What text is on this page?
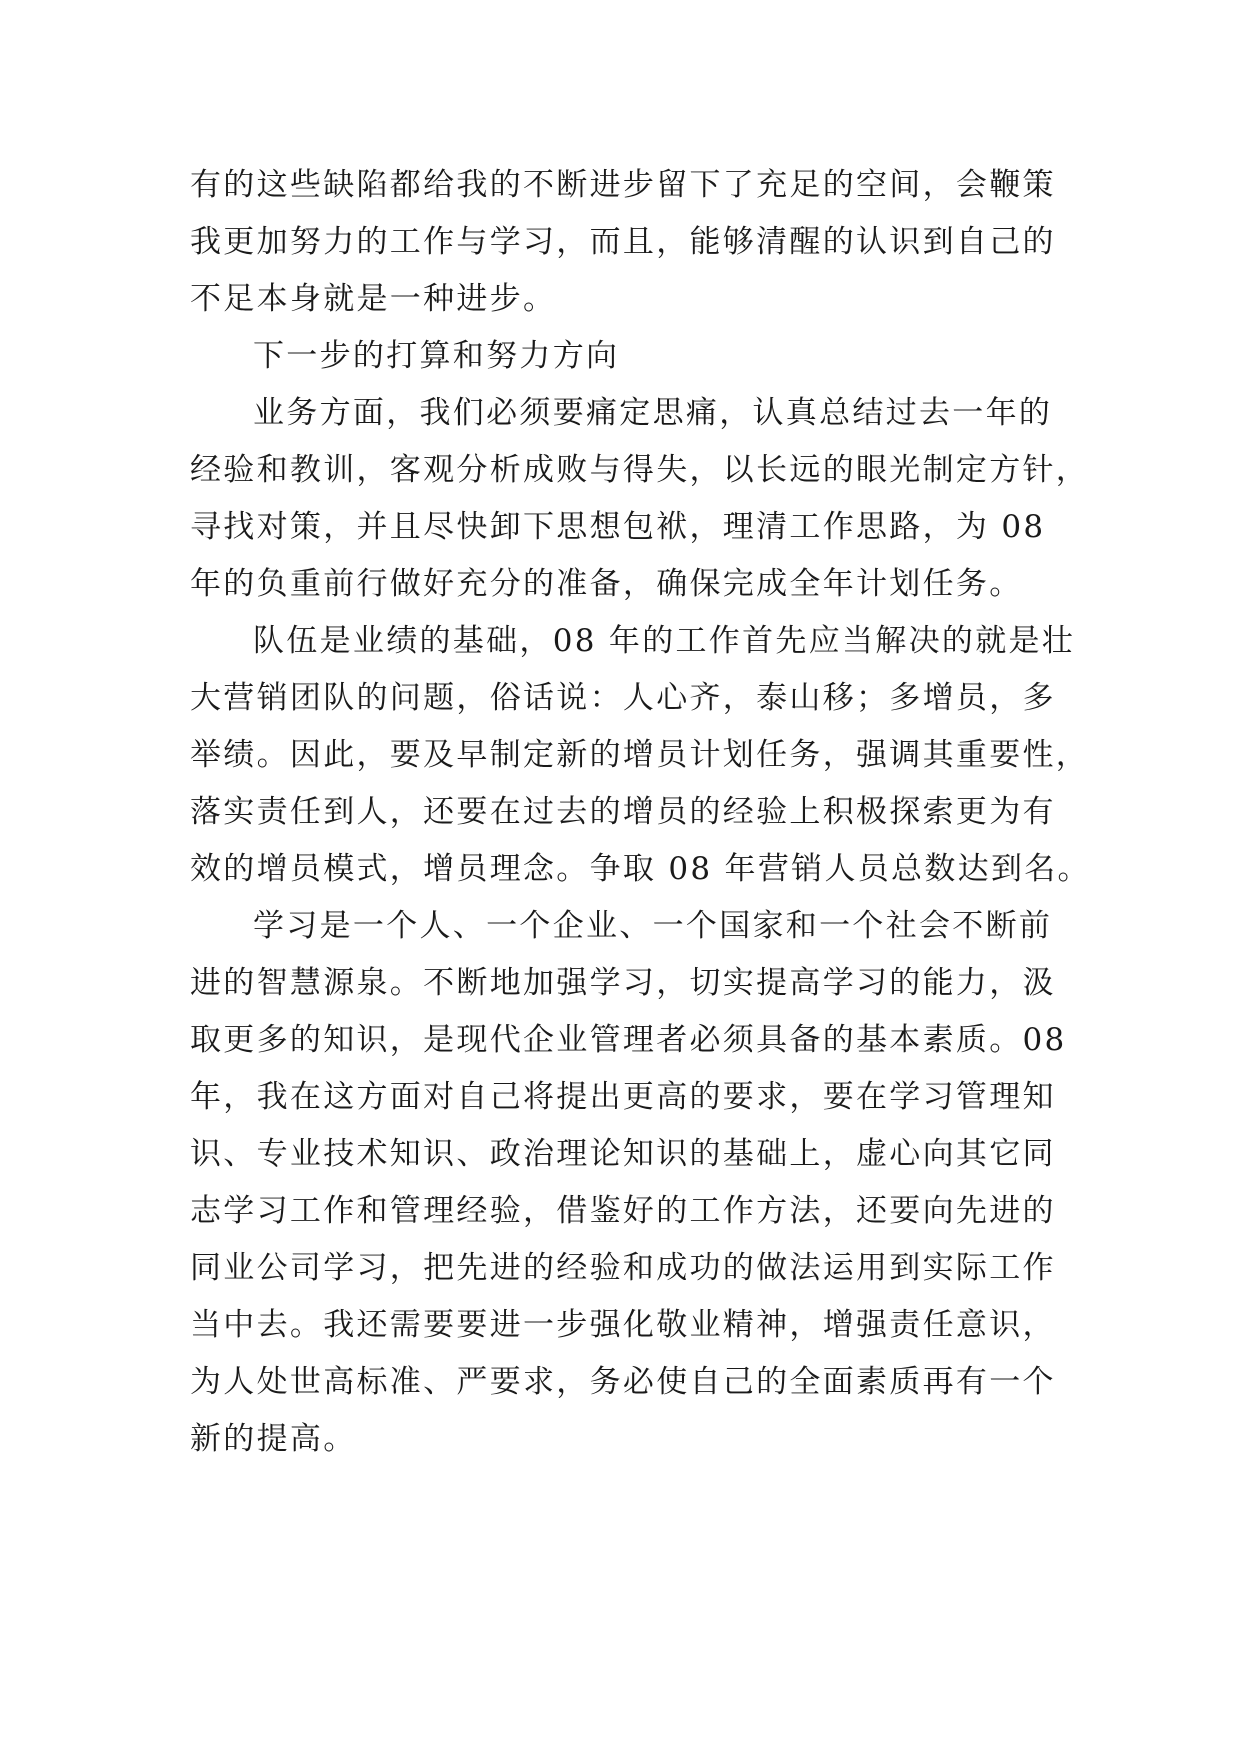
有的这些缺陷都给我的不断进步留下了充足的空间，会鞭策
我更加努力的工作与学习，而且，能够清醒的认识到自己的
不足本身就是一种进步。
下一步的打算和努力方向
业务方面，我们必须要痛定思痛，认真总结过去一年的
经验和教训，客观分析成败与得失，以长远的眼光制定方针，
寻找对策，并且尽快卸下思想包袱，理清工作思路，为 08
年的负重前行做好充分的准备，确保完成全年计划任务。
队伍是业绩的基础，08 年的工作首先应当解决的就是壮
大营销团队的问题，俗话说：人心齐，泰山移；多增员，多
举绩。因此，要及早制定新的增员计划任务，强调其重要性，
落实责任到人，还要在过去的增员的经验上积极探索更为有
效的增员模式，增员理念。争取 08 年营销人员总数达到名。
学习是一个人、一个企业、一个国家和一个社会不断前
进的智慧源泉。不断地加强学习，切实提高学习的能力，汲
取更多的知识，是现代企业管理者必须具备的基本素质。08
年，我在这方面对自己将提出更高的要求，要在学习管理知
识、专业技术知识、政治理论知识的基础上，虚心向其它同
志学习工作和管理经验，借鉴好的工作方法，还要向先进的
同业公司学习，把先进的经验和成功的做法运用到实际工作
当中去。我还需要要进一步强化敬业精神，增强责任意识，
为人处世高标准、严要求，务必使自己的全面素质再有一个
新的提高。
